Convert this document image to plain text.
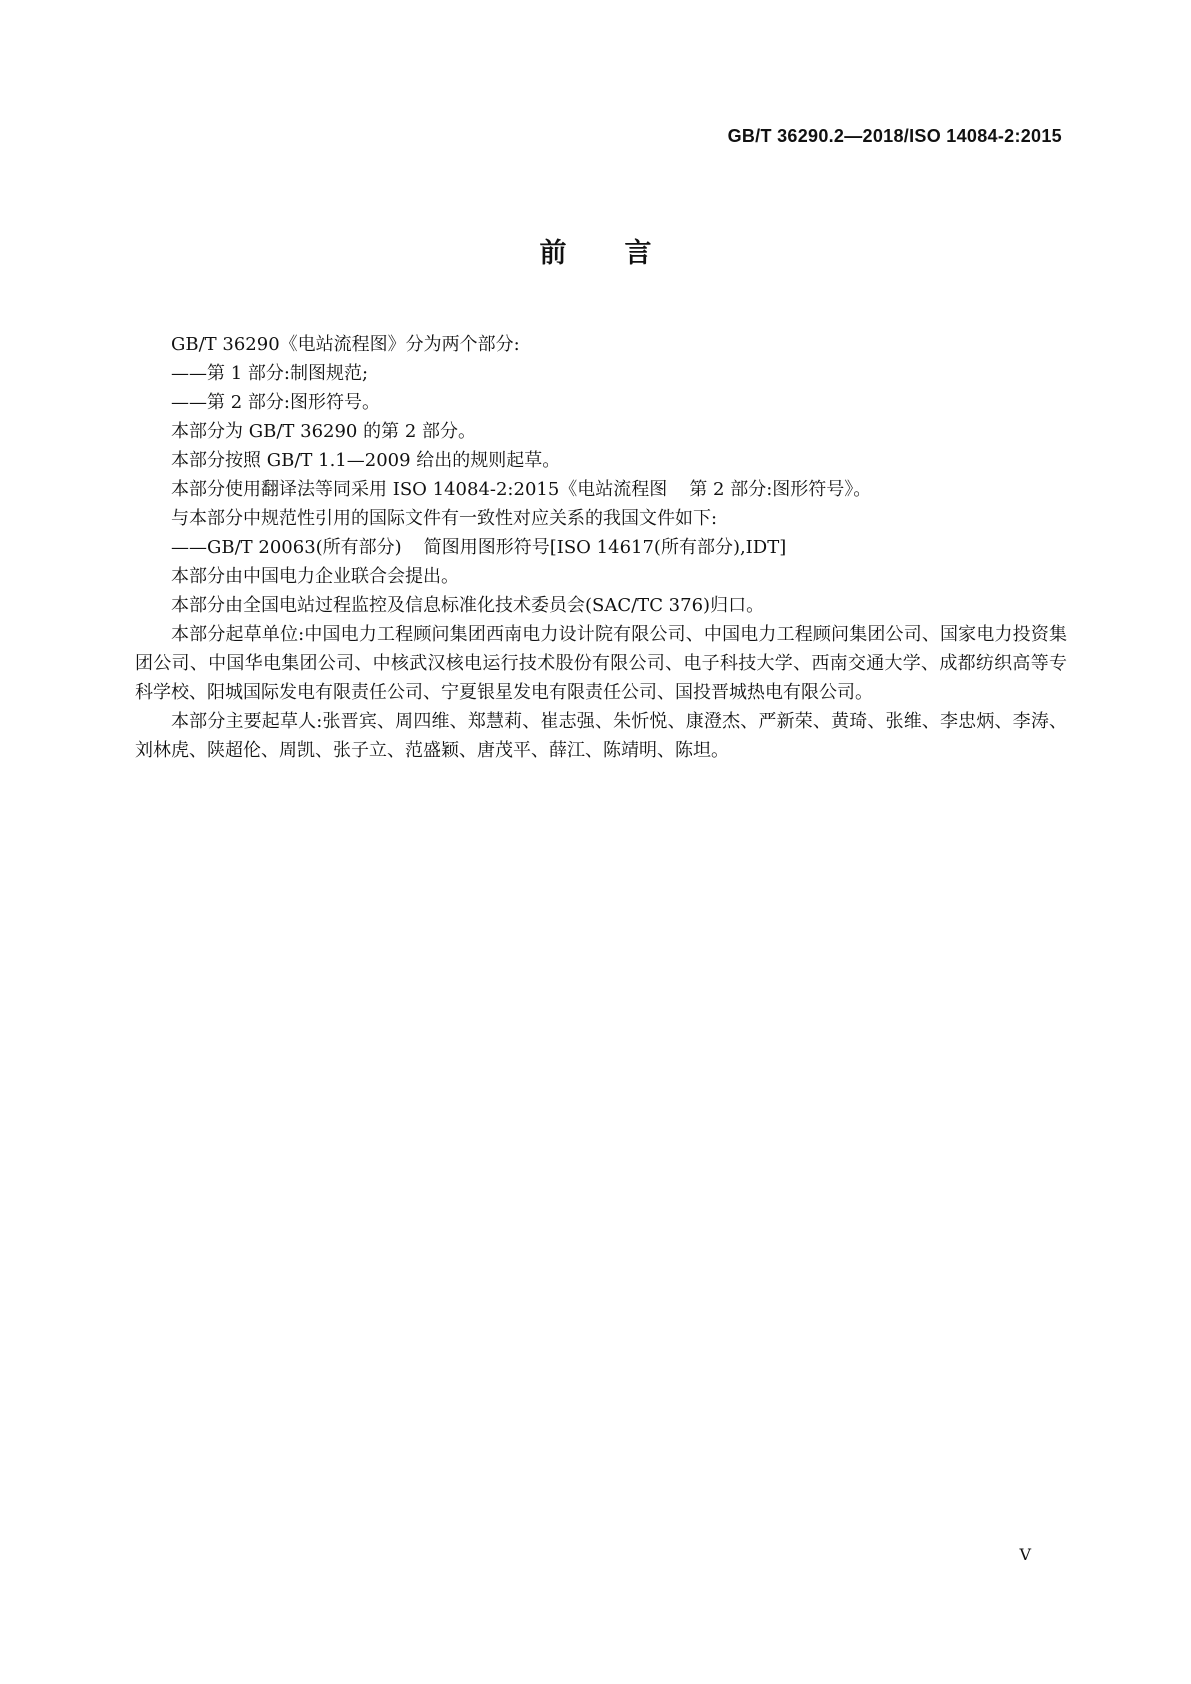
GB/T 36290.2—2018/ISO 14084-2:2015
前言

GB/T 36290《电站流程图》分为两个部分:

——第 1 部分:制图规范;

——第 2 部分:图形符号。

本部分为 GB/T 36290 的第 2 部分。

本部分按照 GB/T 1.1—2009 给出的规则起草。

本部分使用翻译法等同采用 ISO 14084-2:2015《电站流程图 第 2 部分:图形符号》。

与本部分中规范性引用的国际文件有一致性对应关系的我国文件如下:

——GB/T 20063(所有部分) 简图用图形符号[ISO 14617(所有部分),IDT]

本部分由中国电力企业联合会提出。

本部分由全国电站过程监控及信息标准化技术委员会(SAC/TC 376)归口。

本部分起草单位:中国电力工程顾问集团西南电力设计院有限公司、中国电力工程顾问集团公司、国家电力投资集团公司、中国华电集团公司、中核武汉核电运行技术股份有限公司、电子科技大学、西南交通大学、成都纺织高等专科学校、阳城国际发电有限责任公司、宁夏银星发电有限责任公司、国投晋城热电有限公司。

本部分主要起草人:张晋宾、周四维、郑慧莉、崔志强、朱忻悦、康澄杰、严新荣、黄琦、张维、李忠炳、李涛、刘林虎、陕超伦、周凯、张子立、范盛颖、唐茂平、薛江、陈靖明、陈坦。

V
